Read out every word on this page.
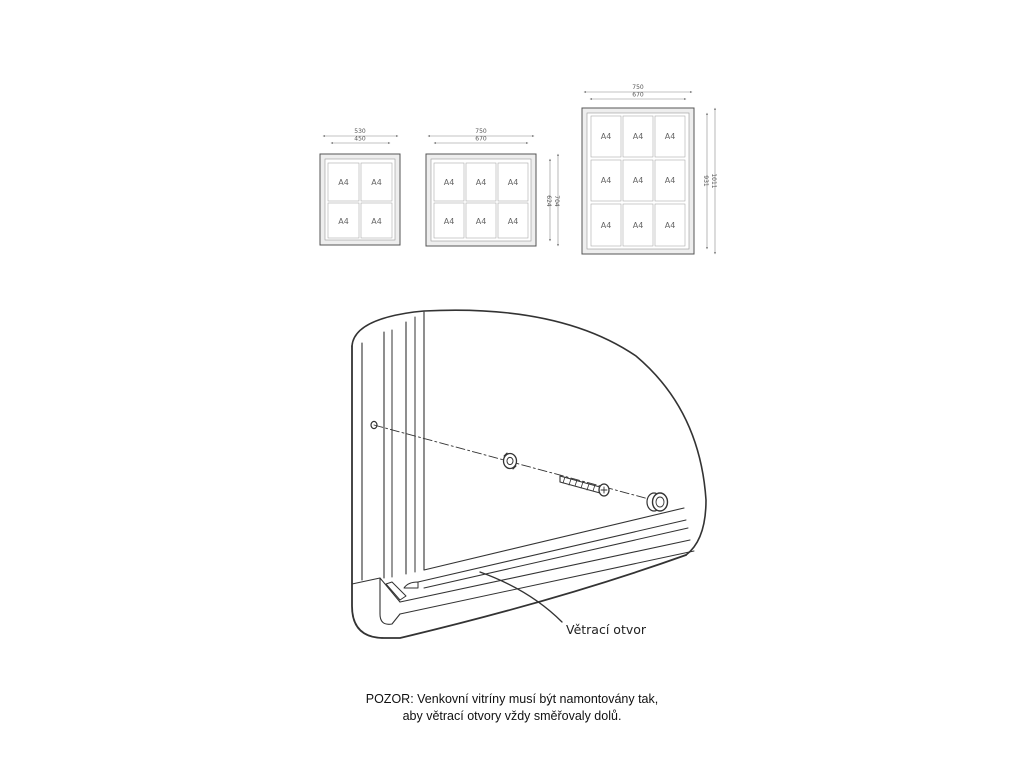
530
450
A4	A4
A4	A4
750
670
624 704
A4	A4	A4
A4	A4	A4
750
670
931 1011
A4	A4	A4
A4	A4	A4
A4	A4	A4
Větrací otvor
POZOR: Venkovní vitríny musí být namontovány tak,
aby větrací otvory vždy směřovaly dolů.
